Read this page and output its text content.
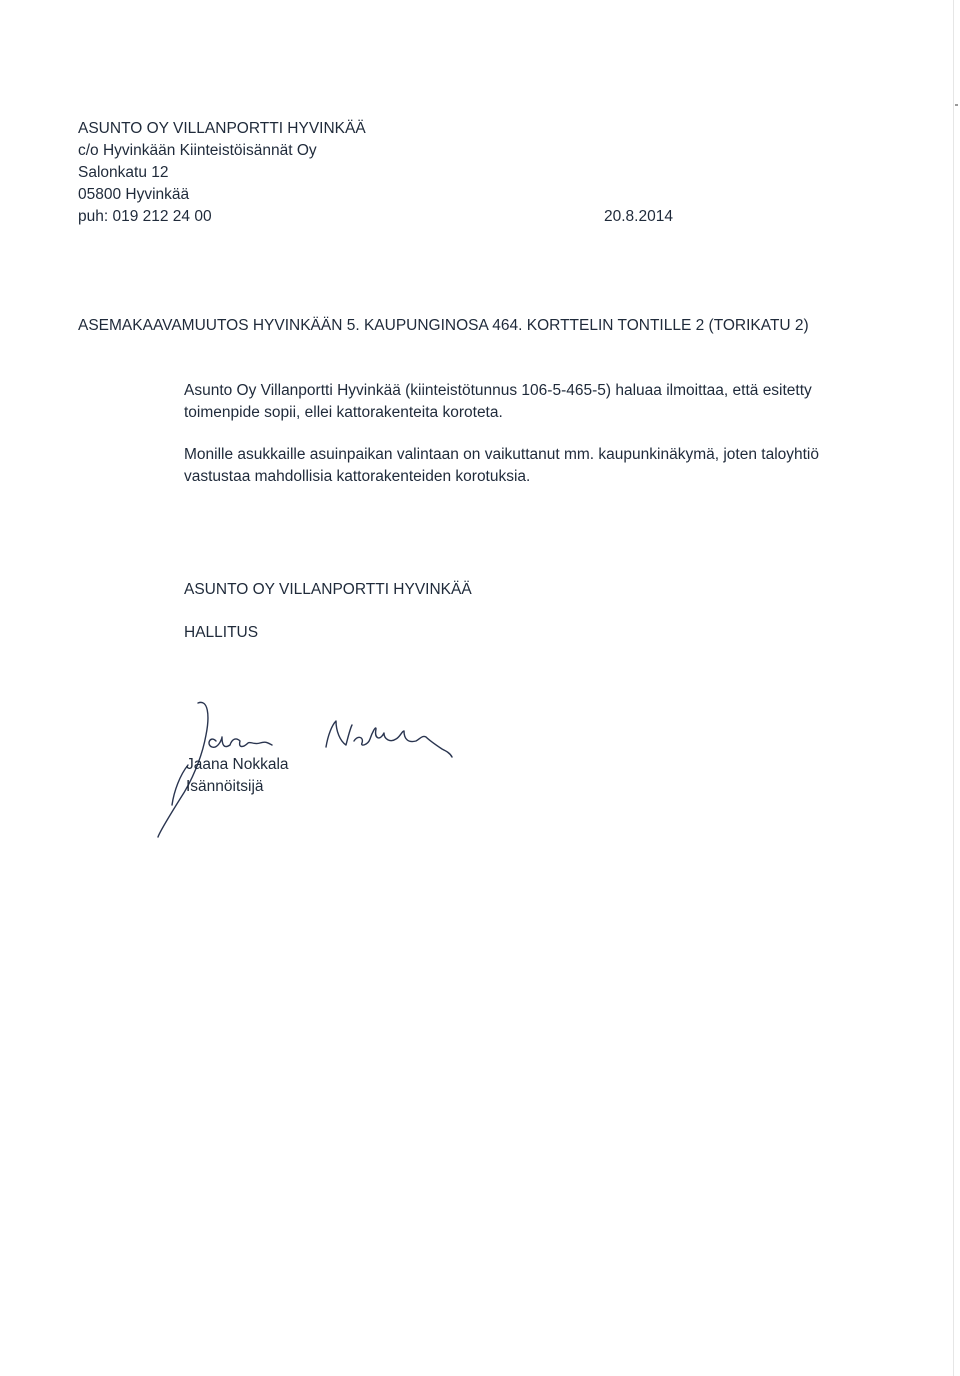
ASUNTO OY VILLANPORTTI HYVINKÄÄ
c/o Hyvinkään Kiinteistöisännät Oy
Salonkatu 12
05800 Hyvinkää
puh: 019 212 24 00	20.8.2014
ASEMAKAAVAMUUTOS HYVINKÄÄN 5. KAUPUNGINOSA 464. KORTTELIN TONTILLE 2 (TORIKATU 2)

Asunto Oy Villanportti Hyvinkää (kiinteistötunnus 106-5-465-5) haluaa ilmoittaa, että esitetty toimenpide sopii, ellei kattorakenteita koroteta.

Monille asukkaille asuinpaikan valintaan on vaikuttanut mm. kaupunkinäkymä, joten taloyhtiö vastustaa mahdollisia kattorakenteiden korotuksia.

ASUNTO OY VILLANPORTTI HYVINKÄÄ
HALLITUS
Jaana Nokkala
Isännöitsijä
